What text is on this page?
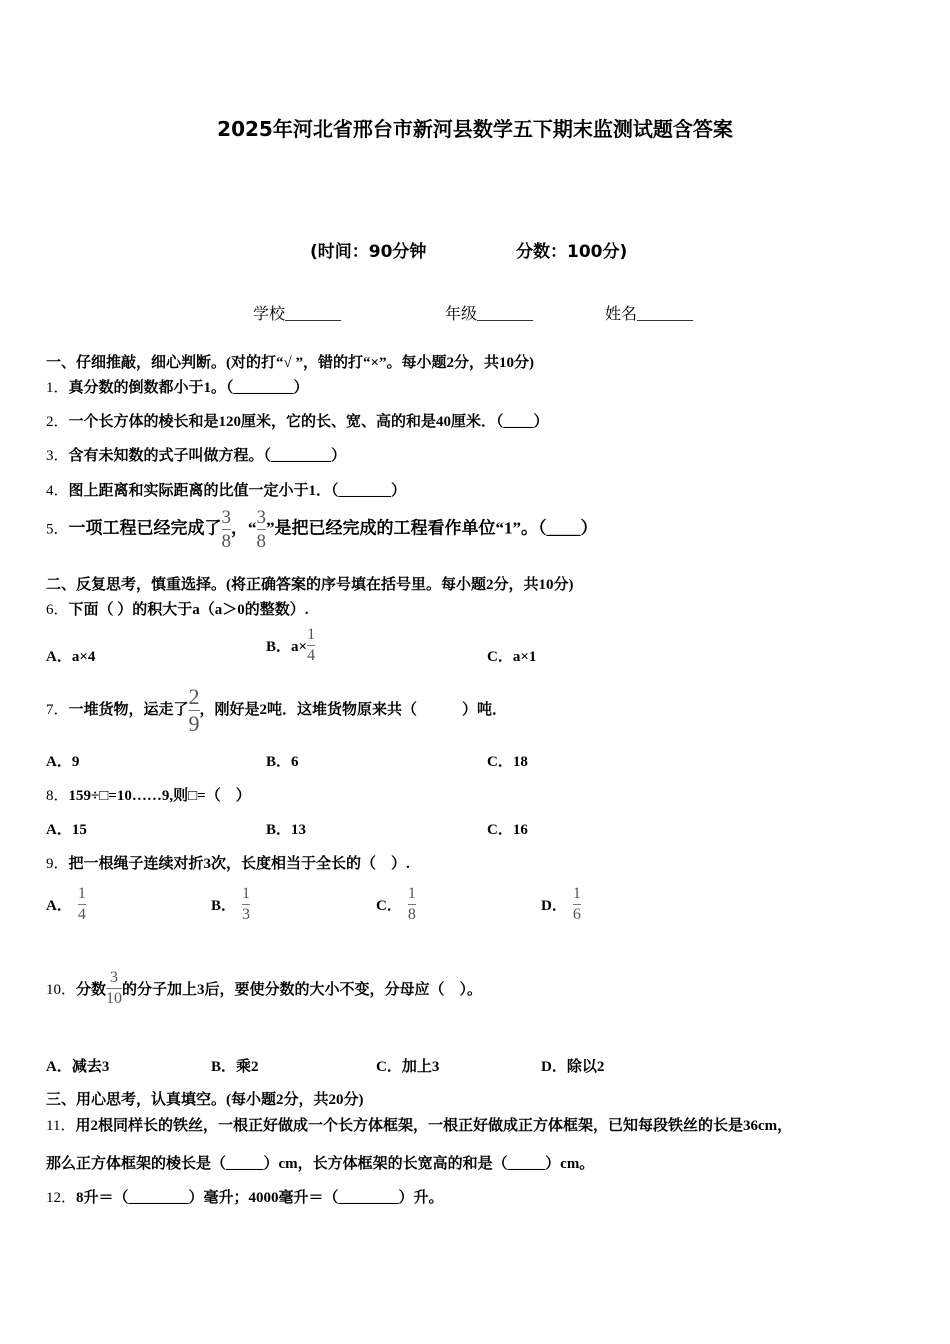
2025年河北省邢台市新河县数学五下期末监测试题含答案
(时间：90分钟	分数：100分)
学校_______	年级_______	姓名_______
一、仔细推敲，细心判断。(对的打“√ ”，错的打“×”。每小题2分，共10分)
1．真分数的倒数都小于1。（________）
2．一个长方体的棱长和是120厘米，它的长、宽、高的和是40厘米．（____）
3．含有未知数的式子叫做方程。（________）
4．图上距离和实际距离的比值一定小于1．（_______）
5．一项工程已经完成了 $\frac{3}{8}$ ，“ $\frac{3}{8}$ ”是把已经完成的工程看作单位“1”。（____）
二、反复思考，慎重选择。(将正确答案的序号填在括号里。每小题2分，共10分)
6．下面（ ）的积大于a（a＞0的整数）.
A．a×4
B．$a\times \frac{1}{4}$	C．a×1
7．一堆货物，运走了 $\frac{2}{9}$ ，刚好是2吨．这堆货物原来共（　　　）吨．
A．9	B．6	C．18
8．159÷□=10……9,则□=（　）
A．15	B．13	C．16
9．把一根绳子连续对折3次，长度相当于全长的（　）.
A． $\frac{1}{4}$	B． $\frac{1}{3}$	C． $\frac{1}{8}$	D． $\frac{1}{6}$
10．分数 $\frac{3}{10}$ 的分子加上3后，要使分数的大小不变，分母应（　）。
A．减去3	B．乘2	C．加上3	D．除以2
三、用心思考，认真填空。(每小题2分，共20分)
11．用2根同样长的铁丝，一根正好做成一个长方体框架，一根正好做成正方体框架，已知每段铁丝的长是36cm，
那么正方体框架的棱长是（_____）cm，长方体框架的长宽高的和是（_____）cm。
12．8升＝（________）毫升；4000毫升＝（________）升。
